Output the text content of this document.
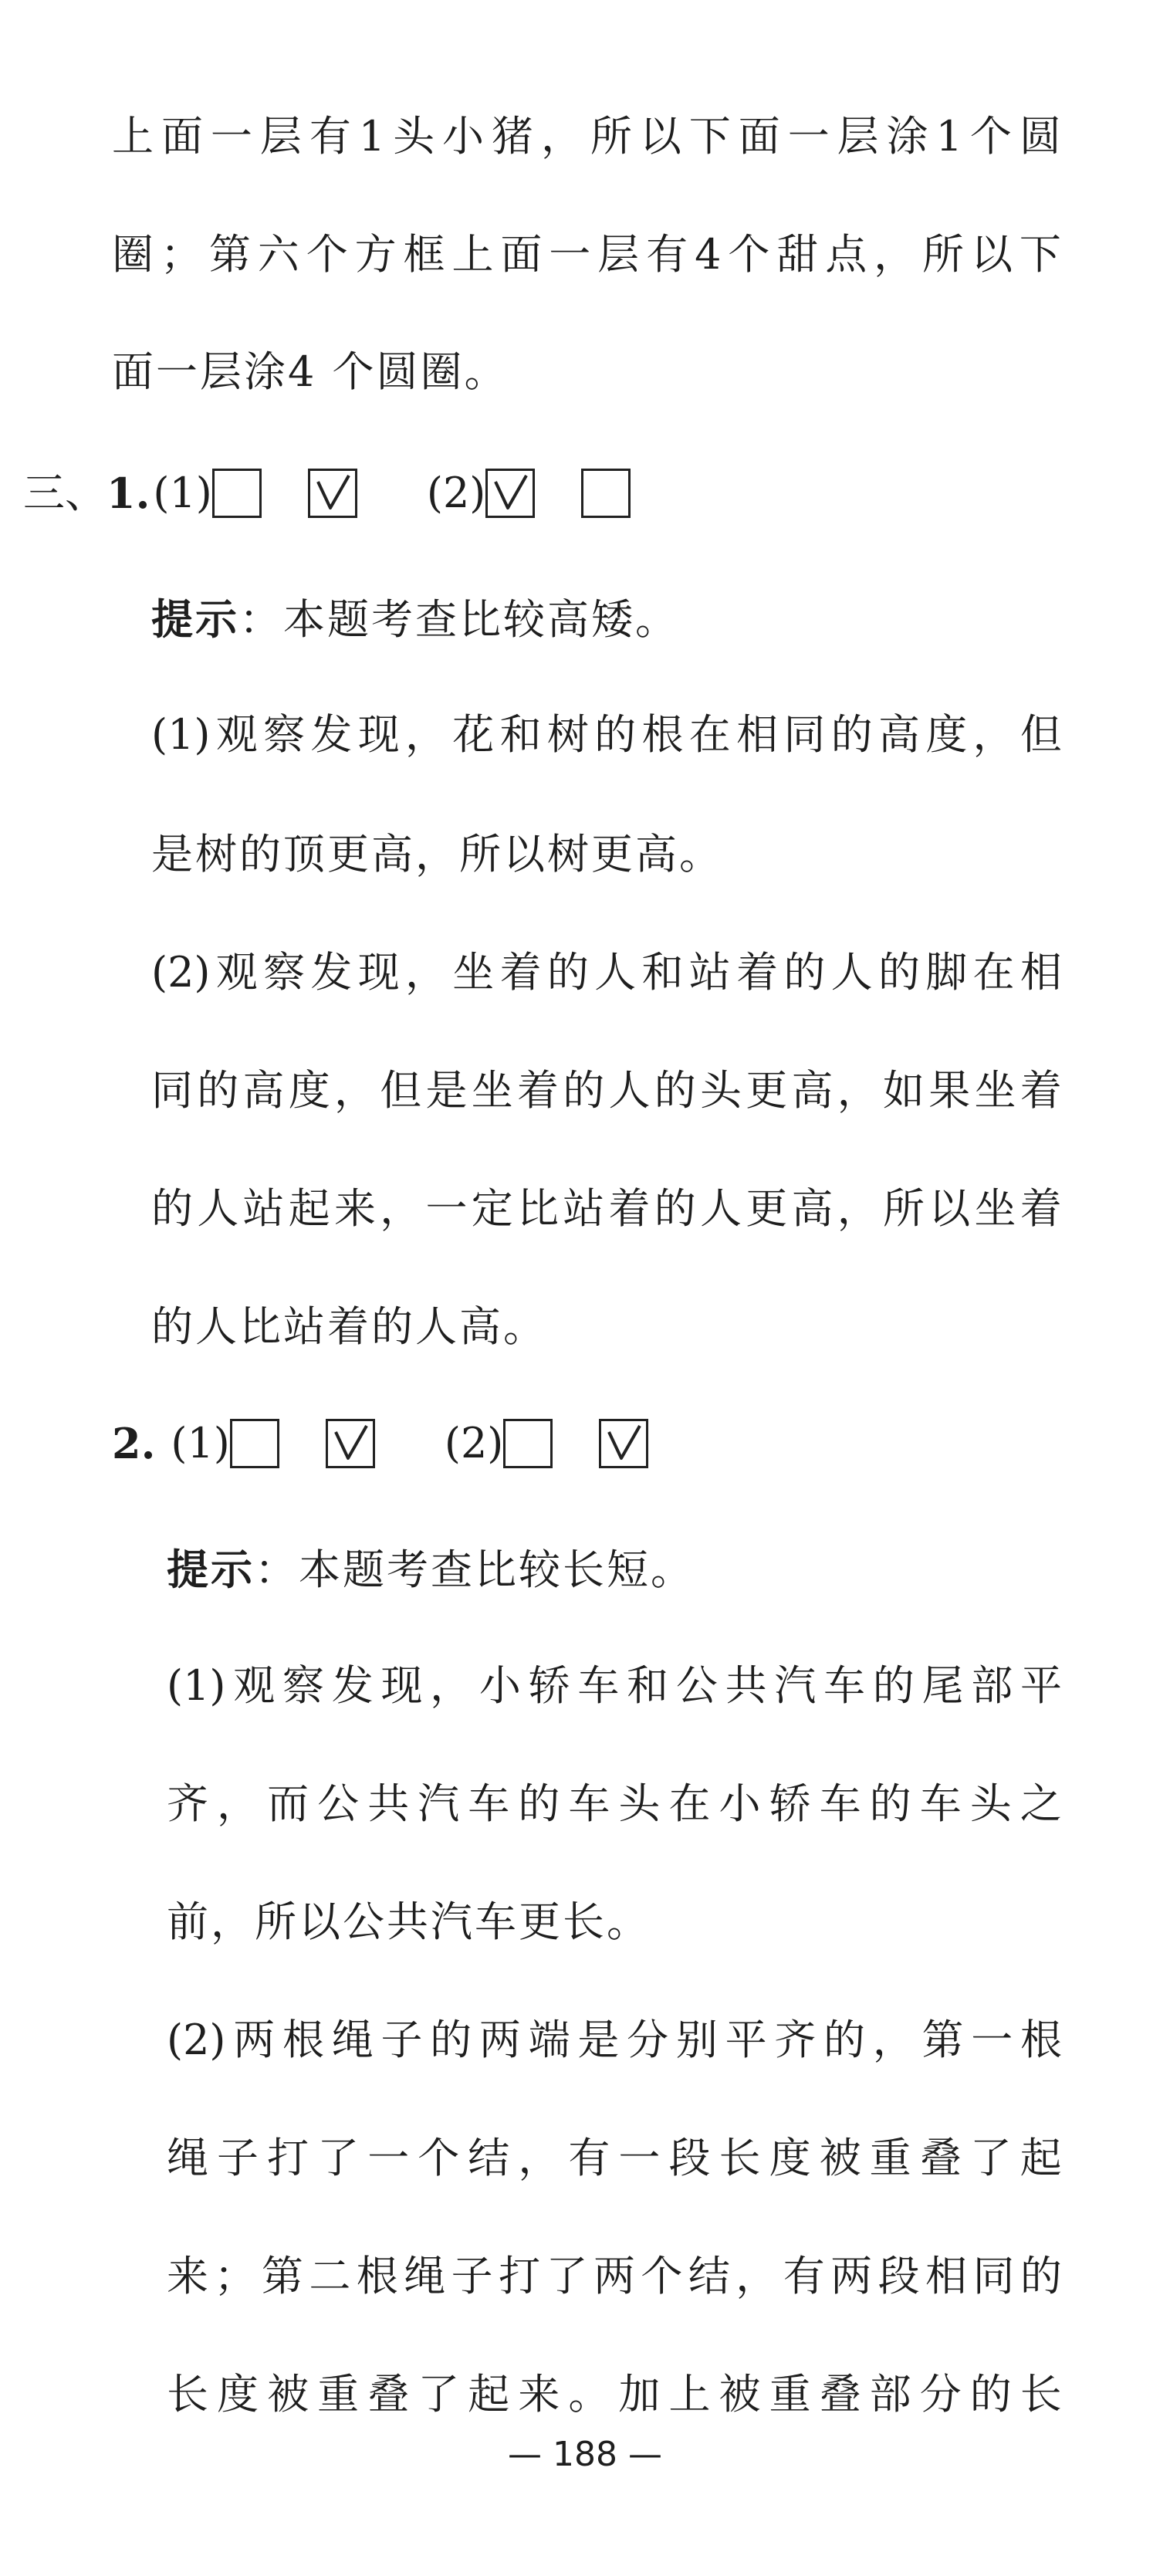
上 面 一 层 有 1 头 小 猪 ， 所 以 下 面 一 层 涂 1 个 圆
圈 ； 第 六 个 方 框 上 面 一 层 有 4 个 甜 点 ， 所 以 下
面一层涂4 个圆圈。
三、 1. (1)	(2)
提示：本题考查比较高矮。
(1) 观 察 发 现 ， 花 和 树 的 根 在 相 同 的 高 度 ， 但
是树的顶更高，所以树更高。
(2) 观 察 发 现 ， 坐 着 的 人 和 站 着 的 人 的 脚 在 相
同 的 高 度 ， 但 是 坐 着 的 人 的 头 更 高 ， 如 果 坐 着
的 人 站 起 来 ， 一 定 比 站 着 的 人 更 高 ， 所 以 坐 着
的人比站着的人高。
2. (1)	(2)
提示：本题考查比较长短。
(1) 观 察 发 现 ， 小 轿 车 和 公 共 汽 车 的 尾 部 平
齐 ， 而 公 共 汽 车 的 车 头 在 小 轿 车 的 车 头 之
前，所以公共汽车更长。
(2) 两 根 绳 子 的 两 端 是 分 别 平 齐 的 ， 第 一 根
绳 子 打 了 一 个 结 ， 有 一 段 长 度 被 重 叠 了 起
来 ； 第 二 根 绳 子 打 了 两 个 结 ， 有 两 段 相 同 的
长 度 被 重 叠 了 起 来 。 加 上 被 重 叠 部 分 的 长
— 188 —
